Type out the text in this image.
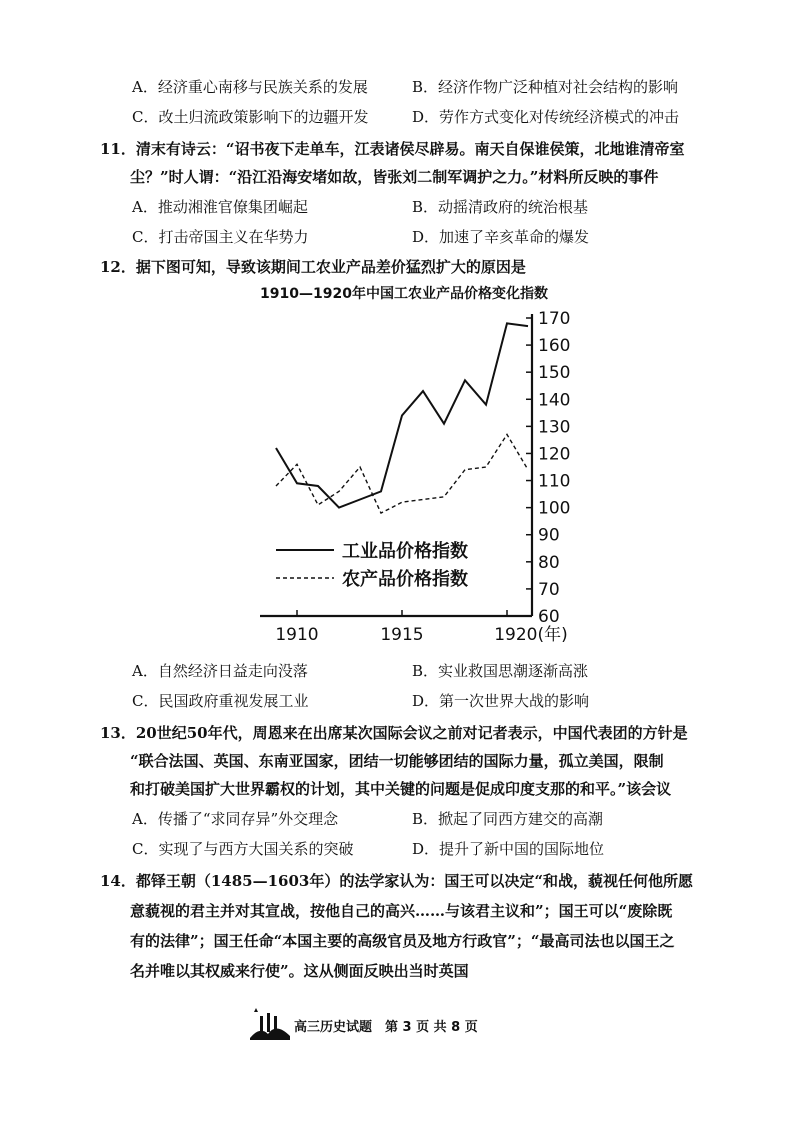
A．经济重心南移与民族关系的发展	B．经济作物广泛种植对社会结构的影响
C．改土归流政策影响下的边疆开发	D．劳作方式变化对传统经济模式的冲击
11．清末有诗云：“诏书夜下走单车，江表诸侯尽辟易。南天自保谁侯策，北地谁清帝室
尘？”时人谓：“沿江沿海安堵如故，皆张刘二制军调护之力。”材料所反映的事件
A．推动湘淮官僚集团崛起	B．动摇清政府的统治根基
C．打击帝国主义在华势力	D．加速了辛亥革命的爆发
12．据下图可知，导致该期间工农业产品差价猛烈扩大的原因是
1910—1920年中国工农业产品价格变化指数
60
70
80
90
100
110
120
130
140
150
160
170
1910	1915	1920(年)
工业品价格指数
农产品价格指数
A．自然经济日益走向没落	B．实业救国思潮逐渐高涨
C．民国政府重视发展工业	D．第一次世界大战的影响
13．20世纪50年代，周恩来在出席某次国际会议之前对记者表示，中国代表团的方针是
“联合法国、英国、东南亚国家，团结一切能够团结的国际力量，孤立美国，限制
和打破美国扩大世界霸权的计划，其中关键的问题是促成印度支那的和平。”该会议
A．传播了“求同存异”外交理念	B．掀起了同西方建交的高潮
C．实现了与西方大国关系的突破	D．提升了新中国的国际地位
14．都铎王朝（1485—1603年）的法学家认为：国王可以决定“和战，藐视任何他所愿
意藐视的君主并对其宣战，按他自己的高兴……与该君主议和”；国王可以“废除既
有的法律”；国王任命“本国主要的高级官员及地方行政官”；“最高司法也以国王之
名并唯以其权威来行使”。这从侧面反映出当时英国
高三历史试题　第 3 页 共 8 页
